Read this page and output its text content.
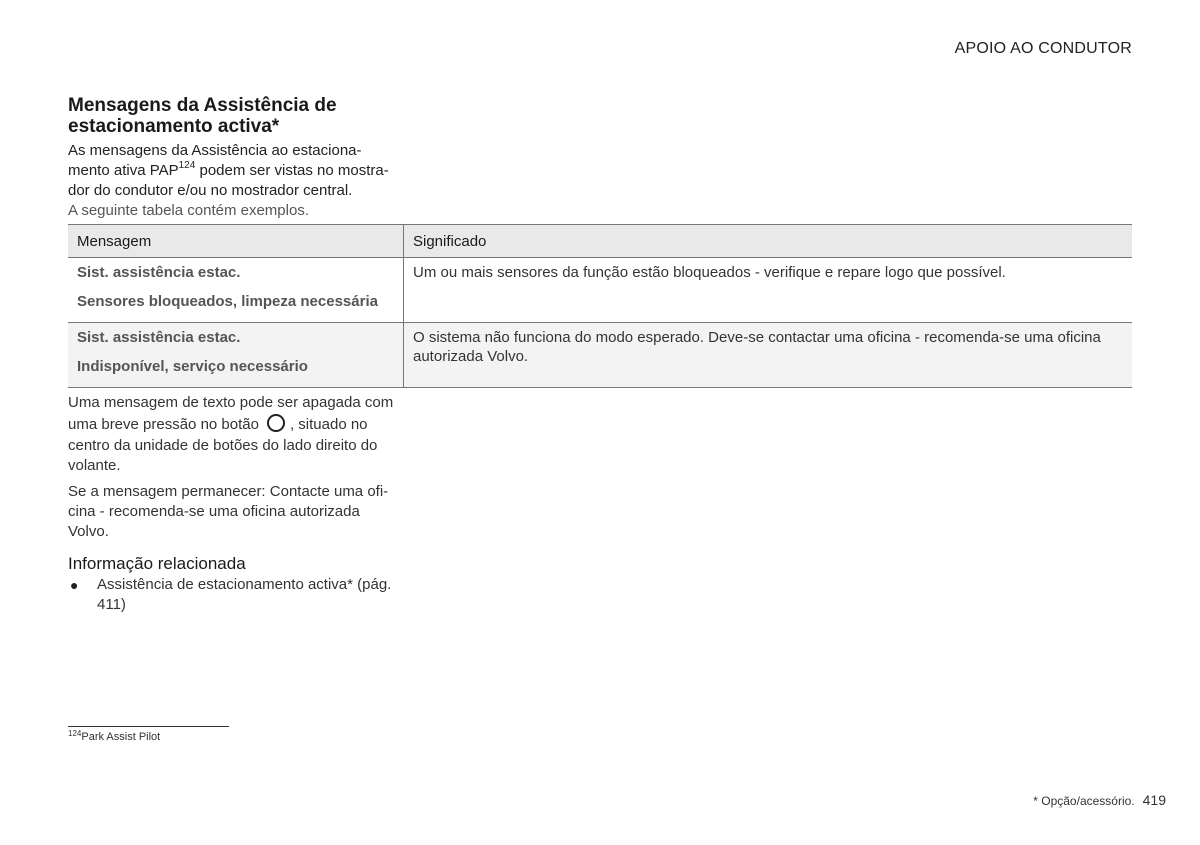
APOIO AO CONDUTOR
Mensagens da Assistência de estacionamento activa*
As mensagens da Assistência ao estaciona-mento ativa PAP$^{124}$ podem ser vistas no mostra-dor do condutor e/ou no mostrador central.
A seguinte tabela contém exemplos.
Mensagem	Significado

Sist. assistência estac.
Sensores bloqueados, limpeza necessária	Um ou mais sensores da função estão bloqueados - verifique e repare logo que possível.

Sist. assistência estac.
Indisponível, serviço necessário	O sistema não funciona do modo esperado. Deve-se contactar uma oficina - recomenda-se uma oficina autorizada Volvo.
Uma mensagem de texto pode ser apagada com uma breve pressão no botão , situado no centro da unidade de botões do lado direito do volante.
Se a mensagem permanecer: Contacte uma ofi-cina - recomenda-se uma oficina autorizada Volvo.
Informação relacionada
● Assistência de estacionamento activa* (pág. 411)
$^{124}$Park Assist Pilot
* Opção/acessório. 419
